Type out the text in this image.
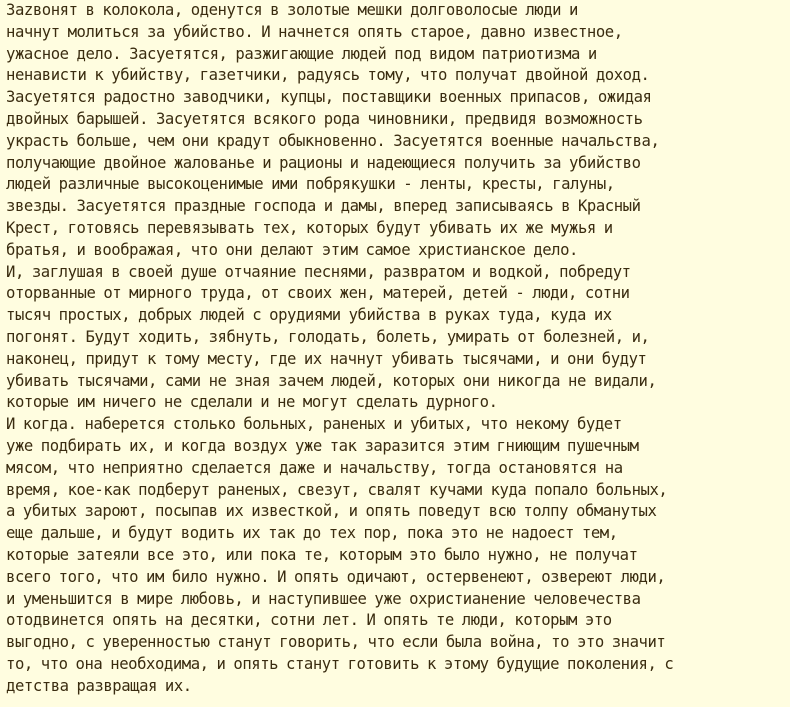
Заzвонят в колокола, оденутся в золотые мешки долговолосые люди и
начнут молиться за убийство. И начнется опять старое, давно известное,
ужасное дело. Засуетятся, разжигающие людей под видом патриотизма и
ненависти к убийству, газетчики, радуясь тому, что получат двойной доход.
Засуетятся радостно заводчики, купцы, поставщики военных припасов, ожидая
двойных барышей. Засуетятся всякого рода чиновники, предвидя возможность
украсть больше, чем они крадут обыкновенно. Засуетятся военные начальства,
получающие двойное жалованье и рационы и надеющиеся получить за убийство
людей различные высокоценимые ими побрякушки - ленты, кресты, галуны,
звезды. Засуетятся праздные господа и дамы, вперед записываясь в Красный
Крест, готовясь перевязывать тех, которых будут убивать их же мужья и
братья, и воображая, что они делают этим самое христианское дело.
И, заглушая в своей душе отчаяние песнями, развратом и водкой, побредут
оторванные от мирного труда, от своих жен, матерей, детей - люди, сотни
тысяч простых, добрых людей с орудиями убийства в руках туда, куда их
погонят. Будут ходить, зябнуть, голодать, болеть, умирать от болезней, и,
наконец, придут к тому месту, где их начнут убивать тысячами, и они будут
убивать тысячами, сами не зная зачем людей, которых они никогда не видали,
которые им ничего не сделали и не могут сделать дурного.
И когда. наберется столько больных, раненых и убитых, что некому будет
уже подбирать их, и когда воздух уже так заразится этим гниющим пушечным
мясом, что неприятно сделается даже и начальству, тогда остановятся на
время, кое-как подберут раненых, свезут, свалят кучами куда попало больных,
а убитых зароют, посыпав их известкой, и опять поведут всю толпу обманутых
еще дальше, и будут водить их так до тех пор, пока это не надоест тем,
которые затеяли все это, или пока те, которым это было нужно, не получат
всего того, что им било нужно. И опять одичают, остервенеют, озвереют люди,
и уменьшится в мире любовь, и наступившее уже охристианение человечества
отодвинется опять на десятки, сотни лет. И опять те люди, которым это
выгодно, с уверенностью станут говорить, что если была война, то это значит
то, что она необходима, и опять станут готовить к этому будущие поколения, с
детства развращая их.
